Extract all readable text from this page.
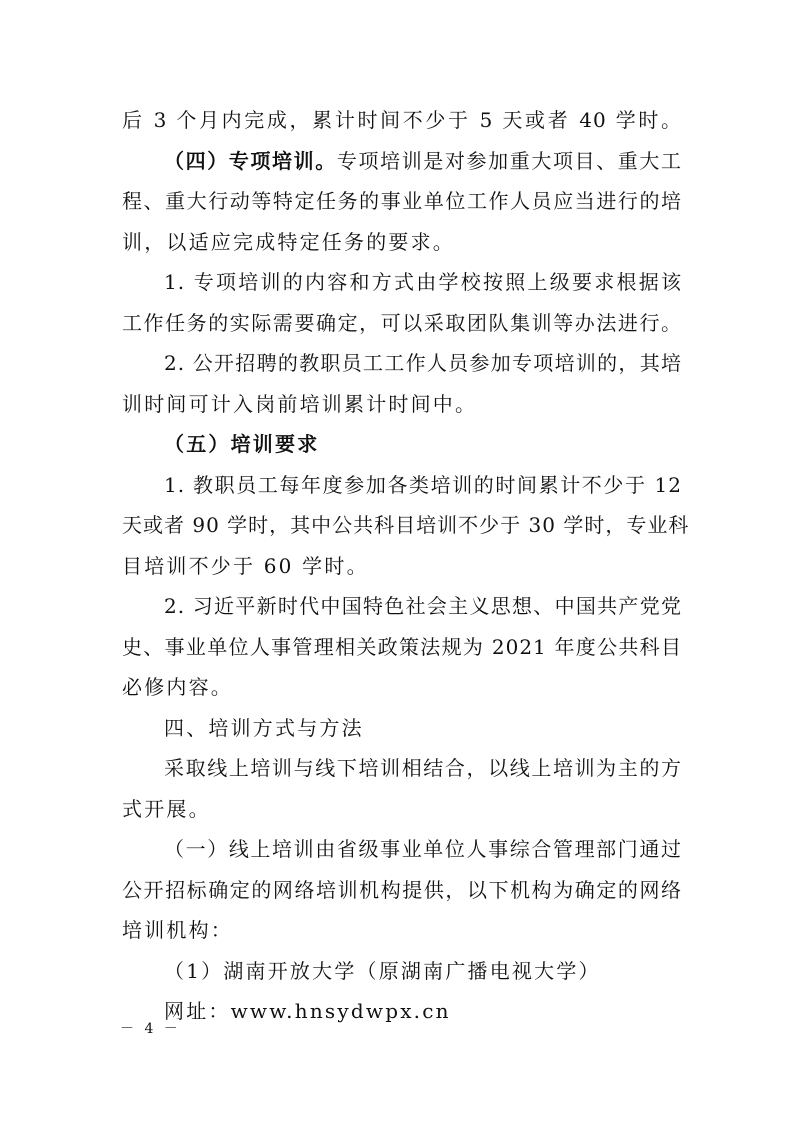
后 3 个月内完成，累计时间不少于 5 天或者 40 学时。
（四）专项培训。专项培训是对参加重大项目、重大工
程、重大行动等特定任务的事业单位工作人员应当进行的培
训，以适应完成特定任务的要求。
1. 专项培训的内容和方式由学校按照上级要求根据该
工作任务的实际需要确定，可以采取团队集训等办法进行。
2. 公开招聘的教职员工工作人员参加专项培训的，其培
训时间可计入岗前培训累计时间中。
（五）培训要求
1. 教职员工每年度参加各类培训的时间累计不少于 12
天或者 90 学时，其中公共科目培训不少于 30 学时，专业科
目培训不少于 60 学时。
2. 习近平新时代中国特色社会主义思想、中国共产党党
史、事业单位人事管理相关政策法规为 2021 年度公共科目
必修内容。
四、培训方式与方法
采取线上培训与线下培训相结合，以线上培训为主的方
式开展。
（一）线上培训由省级事业单位人事综合管理部门通过
公开招标确定的网络培训机构提供，以下机构为确定的网络
培训机构：
（1）湖南开放大学（原湖南广播电视大学）
网址：www.hnsydwpx.cn
－ 4 －
